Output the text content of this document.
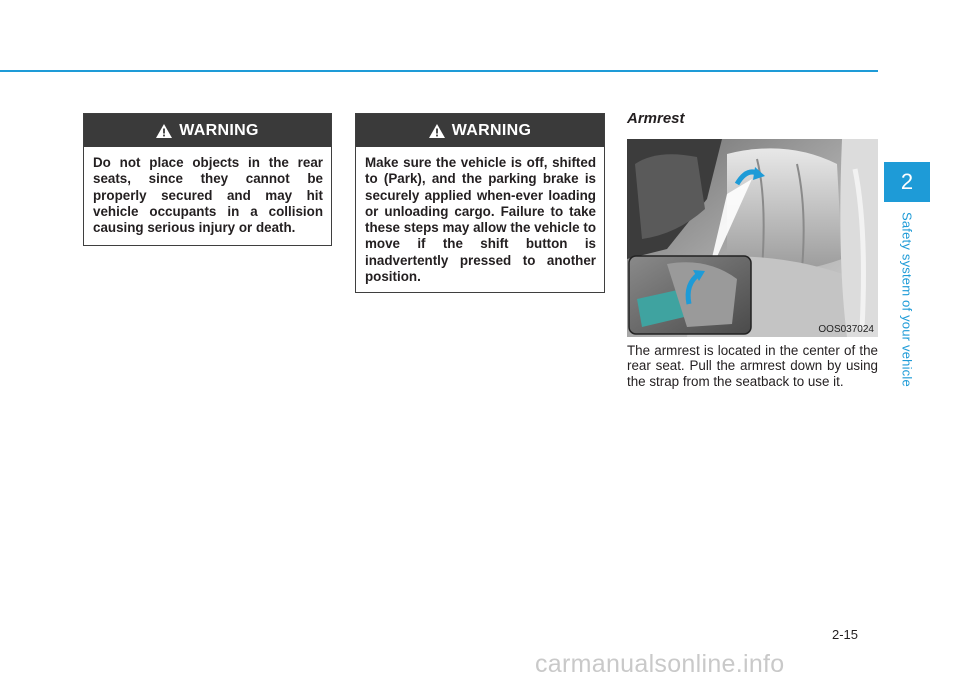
WARNING
Do not place objects in the rear seats, since they cannot be properly secured and may hit vehicle occupants in a collision causing serious injury or death.
WARNING
Make sure the vehicle is off, shifted to (Park), and the parking brake is securely applied when-ever loading or unloading cargo. Failure to take these steps may allow the vehicle to move if the shift button is inadvertently pressed to another position.
Armrest
OOS037024
The armrest is located in the center of the rear seat. Pull the armrest down by using the strap from the seatback to use it.
2
Safety system of your vehicle
2-15
carmanualsonline.info
